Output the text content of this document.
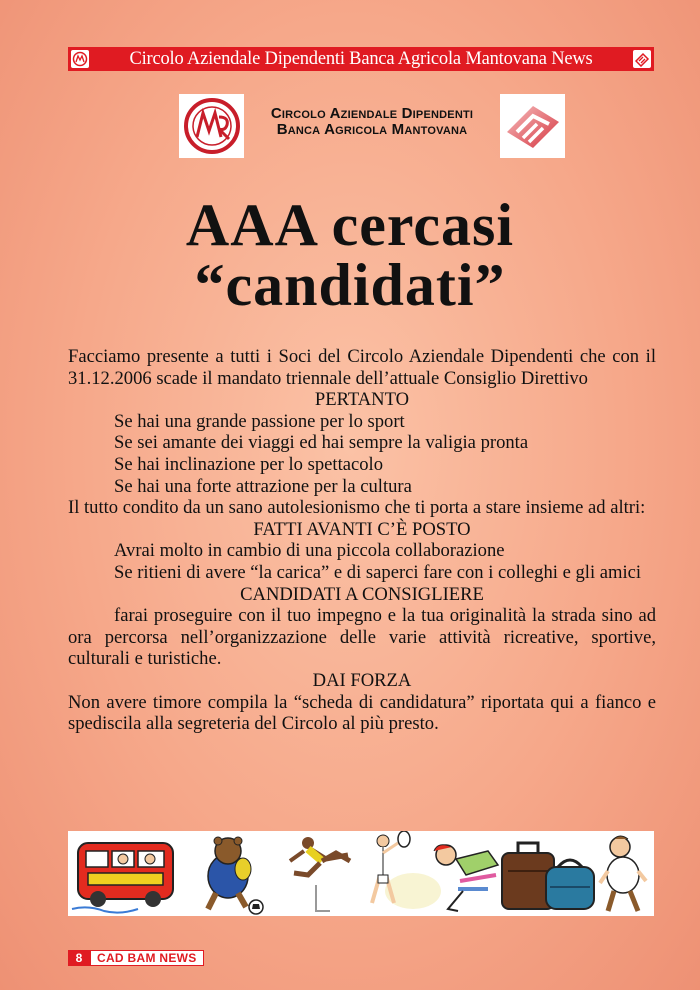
Circolo Aziendale Dipendenti Banca Agricola Mantovana News
Circolo Aziendale Dipendenti
Banca Agricola Mantovana
AAA cercasi
“candidati”

Facciamo presente a tutti i Soci del Circolo Aziendale Dipendenti che con il 31.12.2006 scade il mandato triennale dell’attuale Consiglio Direttivo

PERTANTO

Se hai una grande passione per lo sport

Se sei amante dei viaggi ed hai sempre la valigia pronta

Se hai inclinazione per lo spettacolo

Se hai una forte attrazione per la cultura

Il tutto condito da un sano autolesionismo che ti porta a stare insieme ad altri:

FATTI AVANTI C’È POSTO

Avrai molto in cambio di una piccola collaborazione

Se ritieni di avere “la carica” e di saperci fare con i colleghi e gli amici

CANDIDATI A CONSIGLIERE

farai proseguire con il tuo impegno e la tua originalità la strada sino ad ora percorsa nell’organizzazione delle varie attività ricreative, sportive, culturali e turistiche.

DAI FORZA

Non avere timore compila la “scheda di candidatura” riportata qui a fianco e spediscila alla segreteria del Circolo al più presto.

8	CAD BAM NEWS
